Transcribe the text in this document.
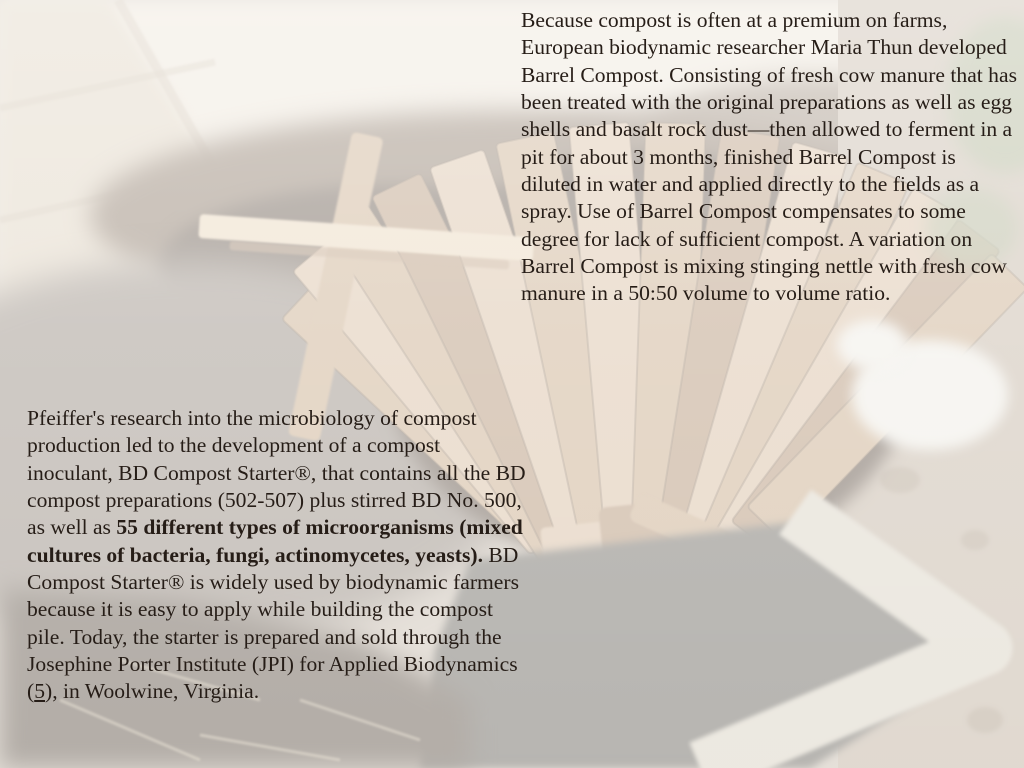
Because compost is often at a premium on farms, European biodynamic researcher Maria Thun developed Barrel Compost. Consisting of fresh cow manure that has been treated with the original preparations as well as egg shells and basalt rock dust—then allowed to ferment in a pit for about 3 months, finished Barrel Compost is diluted in water and applied directly to the fields as a spray. Use of Barrel Compost compensates to some degree for lack of sufficient compost. A variation on Barrel Compost is mixing stinging nettle with fresh cow manure in a 50:50 volume to volume ratio.
Pfeiffer's research into the microbiology of compost production led to the development of a compost inoculant, BD Compost Starter®, that contains all the BD compost preparations (502-507) plus stirred BD No. 500, as well as 55 different types of microorganisms (mixed cultures of bacteria, fungi, actinomycetes, yeasts). BD Compost Starter® is widely used by biodynamic farmers because it is easy to apply while building the compost pile. Today, the starter is prepared and sold through the Josephine Porter Institute (JPI) for Applied Biodynamics (5), in Woolwine, Virginia.
